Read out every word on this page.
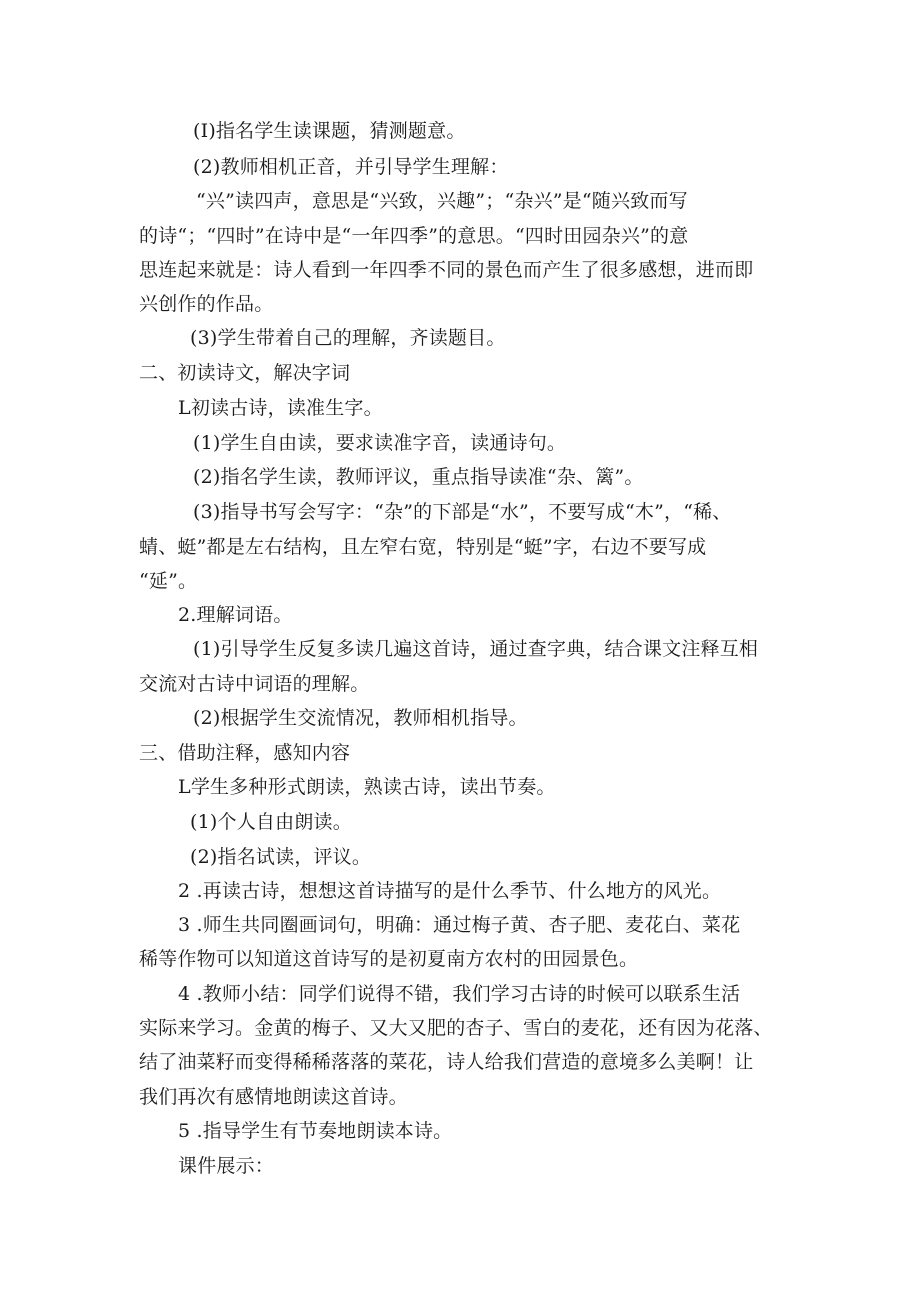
(I)指名学生读课题，猜测题意。
(2)教师相机正音，并引导学生理解：
“兴”读四声，意思是“兴致，兴趣”；“杂兴”是“随兴致而写
的诗“；“四时”在诗中是“一年四季”的意思。“四时田园杂兴”的意
思连起来就是：诗人看到一年四季不同的景色而产生了很多感想，进而即
兴创作的作品。
(3)学生带着自己的理解，齐读题目。
二、初读诗文，解决字词
L初读古诗，读准生字。
(1)学生自由读，要求读准字音，读通诗句。
(2)指名学生读，教师评议，重点指导读准“杂、篱”。
(3)指导书写会写字：“杂”的下部是“水”，不要写成“木”，“稀、
蜻、蜓”都是左右结构，且左窄右宽，特别是“蜓”字，右边不要写成
“延”。
2.理解词语。
(1)引导学生反复多读几遍这首诗，通过查字典，结合课文注释互相
交流对古诗中词语的理解。
(2)根据学生交流情况，教师相机指导。
三、借助注释，感知内容
L学生多种形式朗读，熟读古诗，读出节奏。
(1)个人自由朗读。
(2)指名试读，评议。
2 .再读古诗，想想这首诗描写的是什么季节、什么地方的风光。
3 .师生共同圈画词句，明确：通过梅子黄、杏子肥、麦花白、菜花
稀等作物可以知道这首诗写的是初夏南方农村的田园景色。
4 .教师小结：同学们说得不错，我们学习古诗的时候可以联系生活
实际来学习。金黄的梅子、又大又肥的杏子、雪白的麦花，还有因为花落、
结了油菜籽而变得稀稀落落的菜花，诗人给我们营造的意境多么美啊！让
我们再次有感情地朗读这首诗。
5 .指导学生有节奏地朗读本诗。
课件展示：
